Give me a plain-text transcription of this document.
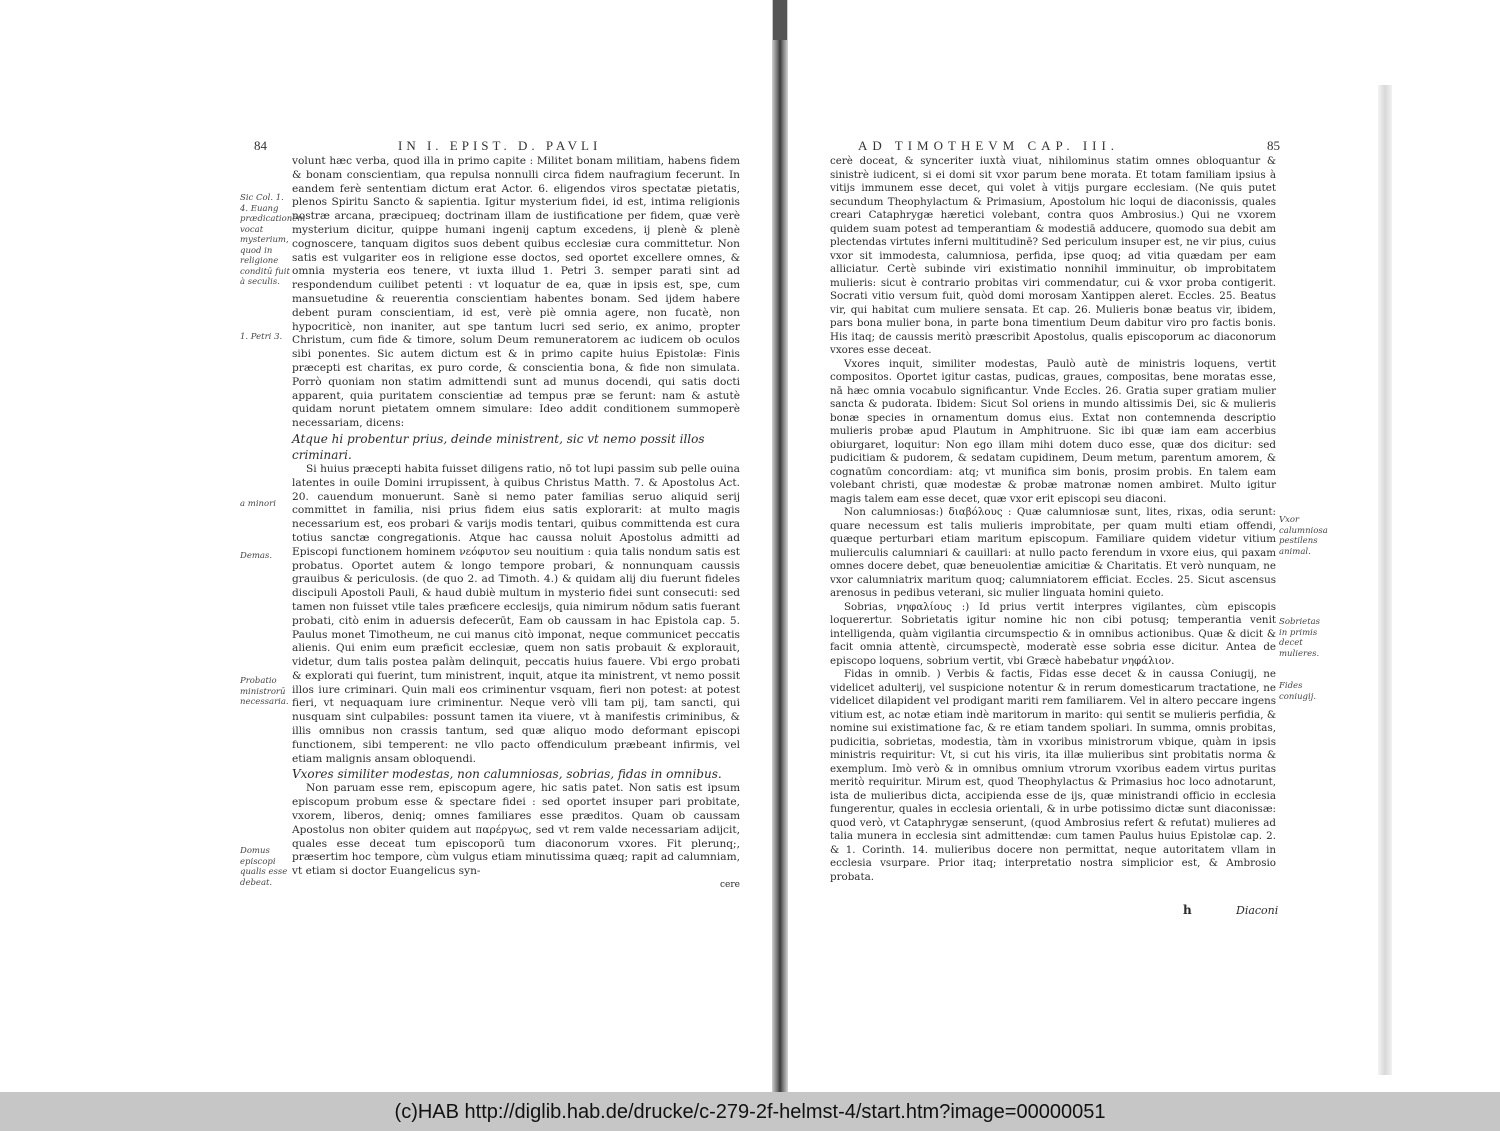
84	IN I. EPIST. D. PAVLI

volunt hæc verba, quod illa in primo capite : Militet bonam militiam, habens fidem & bonam conscientiam, qua repulsa nonnulli circa fidem naufragium fecerunt. In eandem ferè sententiam dictum erat Actor. 6. eligendos viros spectatæ pietatis, plenos Spiritu Sancto & sapientia. Igitur mysterium fidei, id est, intima religionis nostræ arcana, præcipueq; doctrinam illam de iustificatione per fidem, quæ verè mysterium dicitur, quippe humani ingenij captum excedens, ij plenè & plenè cognoscere, tanquam digitos suos debent quibus ecclesiæ cura committetur. Non satis est vulgariter eos in religione esse doctos, sed oportet excellere omnes, & omnia mysteria eos tenere, vt iuxta illud 1. Petri 3. semper parati sint ad respondendum cuilibet petenti : vt loquatur de ea, quæ in ipsis est, spe, cum mansuetudine & reuerentia conscientiam habentes bonam. Sed ijdem habere debent puram conscientiam, id est, verè piè omnia agere, non fucatè, non hypocriticè, non inaniter, aut spe tantum lucri sed serio, ex animo, propter Christum, cum fide & timore, solum Deum remuneratorem ac iudicem ob oculos sibi ponentes. Sic autem dictum est & in primo capite huius Epistolæ: Finis præcepti est charitas, ex puro corde, & conscientia bona, & fide non simulata. Porrò quoniam non statim admittendi sunt ad munus docendi, qui satis docti apparent, quia puritatem conscientiæ ad tempus præ se ferunt: nam & astutè quidam norunt pietatem omnem simulare: Ideo addit conditionem summoperè necessariam, dicens:

Atque hi probentur prius, deinde ministrent, sic vt nemo possit illos criminari.

Si huius præcepti habita fuisset diligens ratio, nō tot lupi passim sub pelle ouina latentes in ouile Domini irrupissent, à quibus Christus Matth. 7. & Apostolus Act. 20. cauendum monuerunt. Sanè si nemo pater familias seruo aliquid serij committet in familia, nisi prius fidem eius satis explorarit: at multo magis necessarium est, eos probari & varijs modis tentari, quibus committenda est cura totius sanctæ congregationis. Atque hac caussa noluit Apostolus admitti ad Episcopi functionem hominem νεόφυτον seu nouitium : quia talis nondum satis est probatus. Oportet autem & longo tempore probari, & nonnunquam caussis grauibus & periculosis. (de quo 2. ad Timoth. 4.) & quidam alij diu fuerunt fideles discipuli Apostoli Pauli, & haud dubiè multum in mysterio fidei sunt consecuti: sed tamen non fuisset vtile tales præficere ecclesijs, quia nimirum nōdum satis fuerant probati, citò enim in aduersis defecerūt, Eam ob caussam in hac Epistola cap. 5. Paulus monet Timotheum, ne cui manus citò imponat, neque communicet peccatis alienis. Qui enim eum præficit ecclesiæ, quem non satis probauit & explorauit, videtur, dum talis postea palàm delinquit, peccatis huius fauere. Vbi ergo probati & explorati qui fuerint, tum ministrent, inquit, atque ita ministrent, vt nemo possit illos iure criminari. Quin mali eos criminentur vsquam, fieri non potest: at potest fieri, vt nequaquam iure criminentur. Neque verò vlli tam pij, tam sancti, qui nusquam sint culpabiles: possunt tamen ita viuere, vt à manifestis criminibus, & illis omnibus non crassis tantum, sed quæ aliquo modo deformant episcopi functionem, sibi temperent: ne vllo pacto offendiculum præbeant infirmis, vel etiam malignis ansam obloquendi.

Vxores similiter modestas, non calumniosas, sobrias, fidas in omnibus.

Non paruam esse rem, episcopum agere, hic satis patet. Non satis est ipsum episcopum probum esse & spectare fidei : sed oportet insuper pari probitate, vxorem, liberos, deniq; omnes familiares esse præditos. Quam ob caussam Apostolus non obiter quidem aut παρέργως, sed vt rem valde necessariam adijcit, quales esse deceat tum episcoporū tum diaconorum vxores. Fit plerunq;, præsertim hoc tempore, cùm vulgus etiam minutissima quæq; rapit ad calumniam, vt etiam si doctor Euangelicus syn-

cere

Sic Col. 1. 4. Euang prædicationem vocat mysterium, quod in religione conditū fuit à seculis.
1. Petri 3.
a minori
Demas.
Probatio ministrorū necessaria.
Domus episcopi qualis esse debeat.
AD TIMOTHEVM CAP. III.	85

cerè doceat, & synceriter iuxtà viuat, nihilominus statim omnes obloquantur & sinistrè iudicent, si ei domi sit vxor parum bene morata. Et totam familiam ipsius à vitijs immunem esse decet, qui volet à vitijs purgare ecclesiam. (Ne quis putet secundum Theophylactum & Primasium, Apostolum hic loqui de diaconissis, quales creari Cataphrygæ hæretici volebant, contra quos Ambrosius.) Qui ne vxorem quidem suam potest ad temperantiam & modestiā adducere, quomodo sua debit am plectendas virtutes inferni multitudinē? Sed periculum insuper est, ne vir pius, cuius vxor sit immodesta, calumniosa, perfida, ipse quoq; ad vitia quædam per eam alliciatur. Certè subinde viri existimatio nonnihil imminuitur, ob improbitatem mulieris: sicut è contrario probitas viri commendatur, cui & vxor proba contigerit. Socrati vitio versum fuit, quòd domi morosam Xantippen aleret. Eccles. 25. Beatus vir, qui habitat cum muliere sensata. Et cap. 26. Mulieris bonæ beatus vir, ibidem, pars bona mulier bona, in parte bona timentium Deum dabitur viro pro factis bonis. His itaq; de caussis meritò præscribit Apostolus, qualis episcoporum ac diaconorum vxores esse deceat.

Vxores inquit, similiter modestas, Paulò autè de ministris loquens, vertit compositos. Oportet igitur castas, pudicas, graues, compositas, bene moratas esse, nā hæc omnia vocabulo significantur. Vnde Eccles. 26. Gratia super gratiam mulier sancta & pudorata. Ibidem: Sicut Sol oriens in mundo altissimis Dei, sic & mulieris bonæ species in ornamentum domus eius. Extat non contemnenda descriptio mulieris probæ apud Plautum in Amphitruone. Sic ibi quæ iam eam accerbius obiurgaret, loquitur: Non ego illam mihi dotem duco esse, quæ dos dicitur: sed pudicitiam & pudorem, & sedatam cupidinem, Deum metum, parentum amorem, & cognatūm concordiam: atq; vt munifica sim bonis, prosim probis. En talem eam volebant christi, quæ modestæ & probæ matronæ nomen ambiret. Multo igitur magis talem eam esse decet, quæ vxor erit episcopi seu diaconi.

Non calumniosas:) διαβόλους : Quæ calumniosæ sunt, lites, rixas, odia serunt: quare necessum est talis mulieris improbitate, per quam multi etiam offendi, quæque perturbari etiam maritum episcopum. Familiare quidem videtur vitium mulierculis calumniari & cauillari: at nullo pacto ferendum in vxore eius, qui paxam omnes docere debet, quæ beneuolentiæ amicitiæ & Charitatis. Et verò nunquam, ne vxor calumniatrix maritum quoq; calumniatorem efficiat. Eccles. 25. Sicut ascensus arenosus in pedibus veterani, sic mulier linguata homini quieto.

Sobrias, νηφαλίους :) Id prius vertit interpres vigilantes, cùm episcopis loquerertur. Sobrietatis igitur nomine hic non cibi potusq; temperantia venit intelligenda, quàm vigilantia circumspectio & in omnibus actionibus. Quæ & dicit & facit omnia attentè, circumspectè, moderatè esse sobria esse dicitur. Antea de episcopo loquens, sobrium vertit, vbi Græcè habebatur νηφάλιον.

Fidas in omnib. ) Verbis & factis, Fidas esse decet & in caussa Coniugij, ne videlicet adulterij, vel suspicione notentur & in rerum domesticarum tractatione, ne videlicet dilapident vel prodigant mariti rem familiarem. Vel in altero peccare ingens vitium est, ac notæ etiam indè maritorum in marito: qui sentit se mulieris perfidia, & nomine sui existimatione fac, & re etiam tandem spoliari. In summa, omnis probitas, pudicitia, sobrietas, modestia, tàm in vxoribus ministrorum vbique, quàm in ipsis ministris requiritur: Vt, si cut his viris, ita illæ mulieribus sint probitatis norma & exemplum. Imò verò & in omnibus omnium vtrorum vxoribus eadem virtus puritas meritò requiritur. Mirum est, quod Theophylactus & Primasius hoc loco adnotarunt, ista de mulieribus dicta, accipienda esse de ijs, quæ ministrandi officio in ecclesia fungerentur, quales in ecclesia orientali, & in urbe potissimo dictæ sunt diaconissæ: quod verò, vt Cataphrygæ senserunt, (quod Ambrosius refert & refutat) mulieres ad talia munera in ecclesia sint admittendæ: cum tamen Paulus huius Epistolæ cap. 2. & 1. Corinth. 14. mulieribus docere non permittat, neque autoritatem vllam in ecclesia vsurpare. Prior itaq; interpretatio nostra simplicior est, & Ambrosio probata.

Vxor calumniosa pestilens animal.
Sobrietas in primis decet mulieres.
Fides coniugij.
h	Diaconi
(c)HAB http://diglib.hab.de/drucke/c-279-2f-helmst-4/start.htm?image=00000051
